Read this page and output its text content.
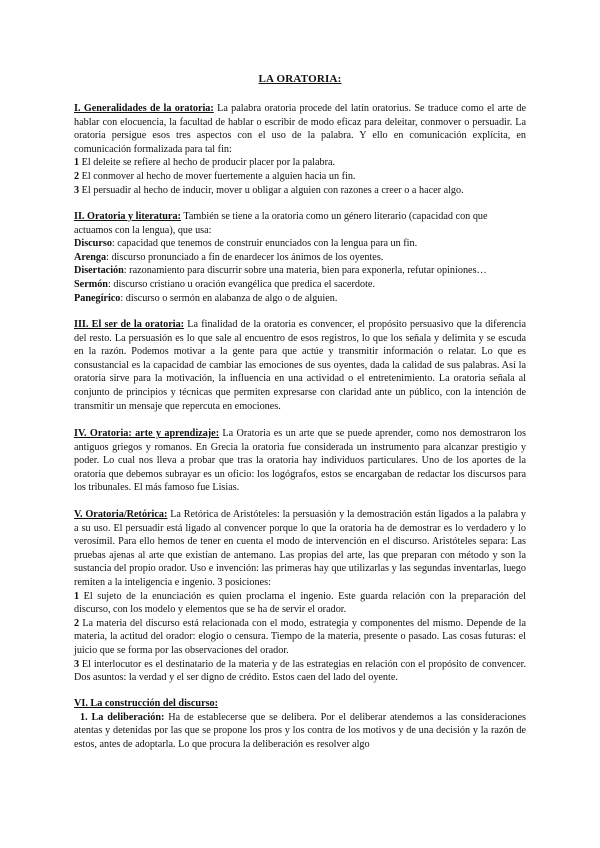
LA ORATORIA:

I. Generalidades de la oratoria: La palabra oratoria procede del latín oratorius. Se traduce como el arte de hablar con elocuencia, la facultad de hablar o escribir de modo eficaz para deleitar, conmover o persuadir. La oratoria persigue esos tres aspectos con el uso de la palabra. Y ello en comunicación explícita, en comunicación formalizada para tal fin:

1 El deleite se refiere al hecho de producir placer por la palabra.

2 El conmover al hecho de mover fuertemente a alguien hacia un fin.

3 El persuadir al hecho de inducir, mover u obligar a alguien con razones a creer o a hacer algo.

II. Oratoria y literatura: También se tiene a la oratoria como un género literario (capacidad con que actuamos con la lengua), que usa:

Discurso: capacidad que tenemos de construir enunciados con la lengua para un fin.

Arenga: discurso pronunciado a fin de enardecer los ánimos de los oyentes.

Disertación: razonamiento para discurrir sobre una materia, bien para exponerla, refutar opiniones…

Sermón: discurso cristiano u oración evangélica que predica el sacerdote.

Panegírico: discurso o sermón en alabanza de algo o de alguien.

III. El ser de la oratoria: La finalidad de la oratoria es convencer, el propósito persuasivo que la diferencia del resto. La persuasión es lo que sale al encuentro de esos registros, lo que los señala y delimita y se escuda en la razón. Podemos motivar a la gente para que actúe y transmitir información o relatar. Lo que es consustancial es la capacidad de cambiar las emociones de sus oyentes, dada la calidad de sus palabras. Así la oratoria sirve para la motivación, la influencia en una actividad o el entretenimiento. La oratoria señala al conjunto de principios y técnicas que permiten expresarse con claridad ante un público, con la intención de transmitir un mensaje que repercuta en emociones.

IV. Oratoria: arte y aprendizaje: La Oratoria es un arte que se puede aprender, como nos demostraron los antiguos griegos y romanos. En Grecia la oratoria fue considerada un instrumento para alcanzar prestigio y poder. Lo cual nos lleva a probar que tras la oratoria hay individuos particulares. Uno de los aportes de la oratoria que debemos subrayar es un oficio: los logógrafos, estos se encargaban de redactar los discursos para los tribunales. El más famoso fue Lisias.

V. Oratoria/Retórica: La Retórica de Aristóteles: la persuasión y la demostración están ligados a la palabra y a su uso. El persuadir está ligado al convencer porque lo que la oratoria ha de demostrar es lo verdadero y lo verosímil. Para ello hemos de tener en cuenta el modo de intervención en el discurso. Aristóteles separa: Las pruebas ajenas al arte que existían de antemano. Las propias del arte, las que preparan con método y son la sustancia del propio orador. Uso e invención: las primeras hay que utilizarlas y las segundas inventarlas, luego remiten a la inteligencia e ingenio. 3 posiciones:

1 El sujeto de la enunciación es quien proclama el ingenio. Este guarda relación con la preparación del discurso, con los modelo y elementos que se ha de servir el orador.

2 La materia del discurso está relacionada con el modo, estrategia y componentes del mismo. Depende de la materia, la actitud del orador: elogio o censura. Tiempo de la materia, presente o pasado. Las cosas futuras: el juicio que se forma por las observaciones del orador.

3 El interlocutor es el destinatario de la materia y de las estrategias en relación con el propósito de convencer. Dos asuntos: la verdad y el ser digno de crédito. Estos caen del lado del oyente.

VI. La construcción del discurso:

1. La deliberación: Ha de establecerse que se delibera. Por el deliberar atendemos a las consideraciones atentas y detenidas por las que se propone los pros y los contra de los motivos y de una decisión y la razón de estos, antes de adoptarla. Lo que procura la deliberación es resolver algo
